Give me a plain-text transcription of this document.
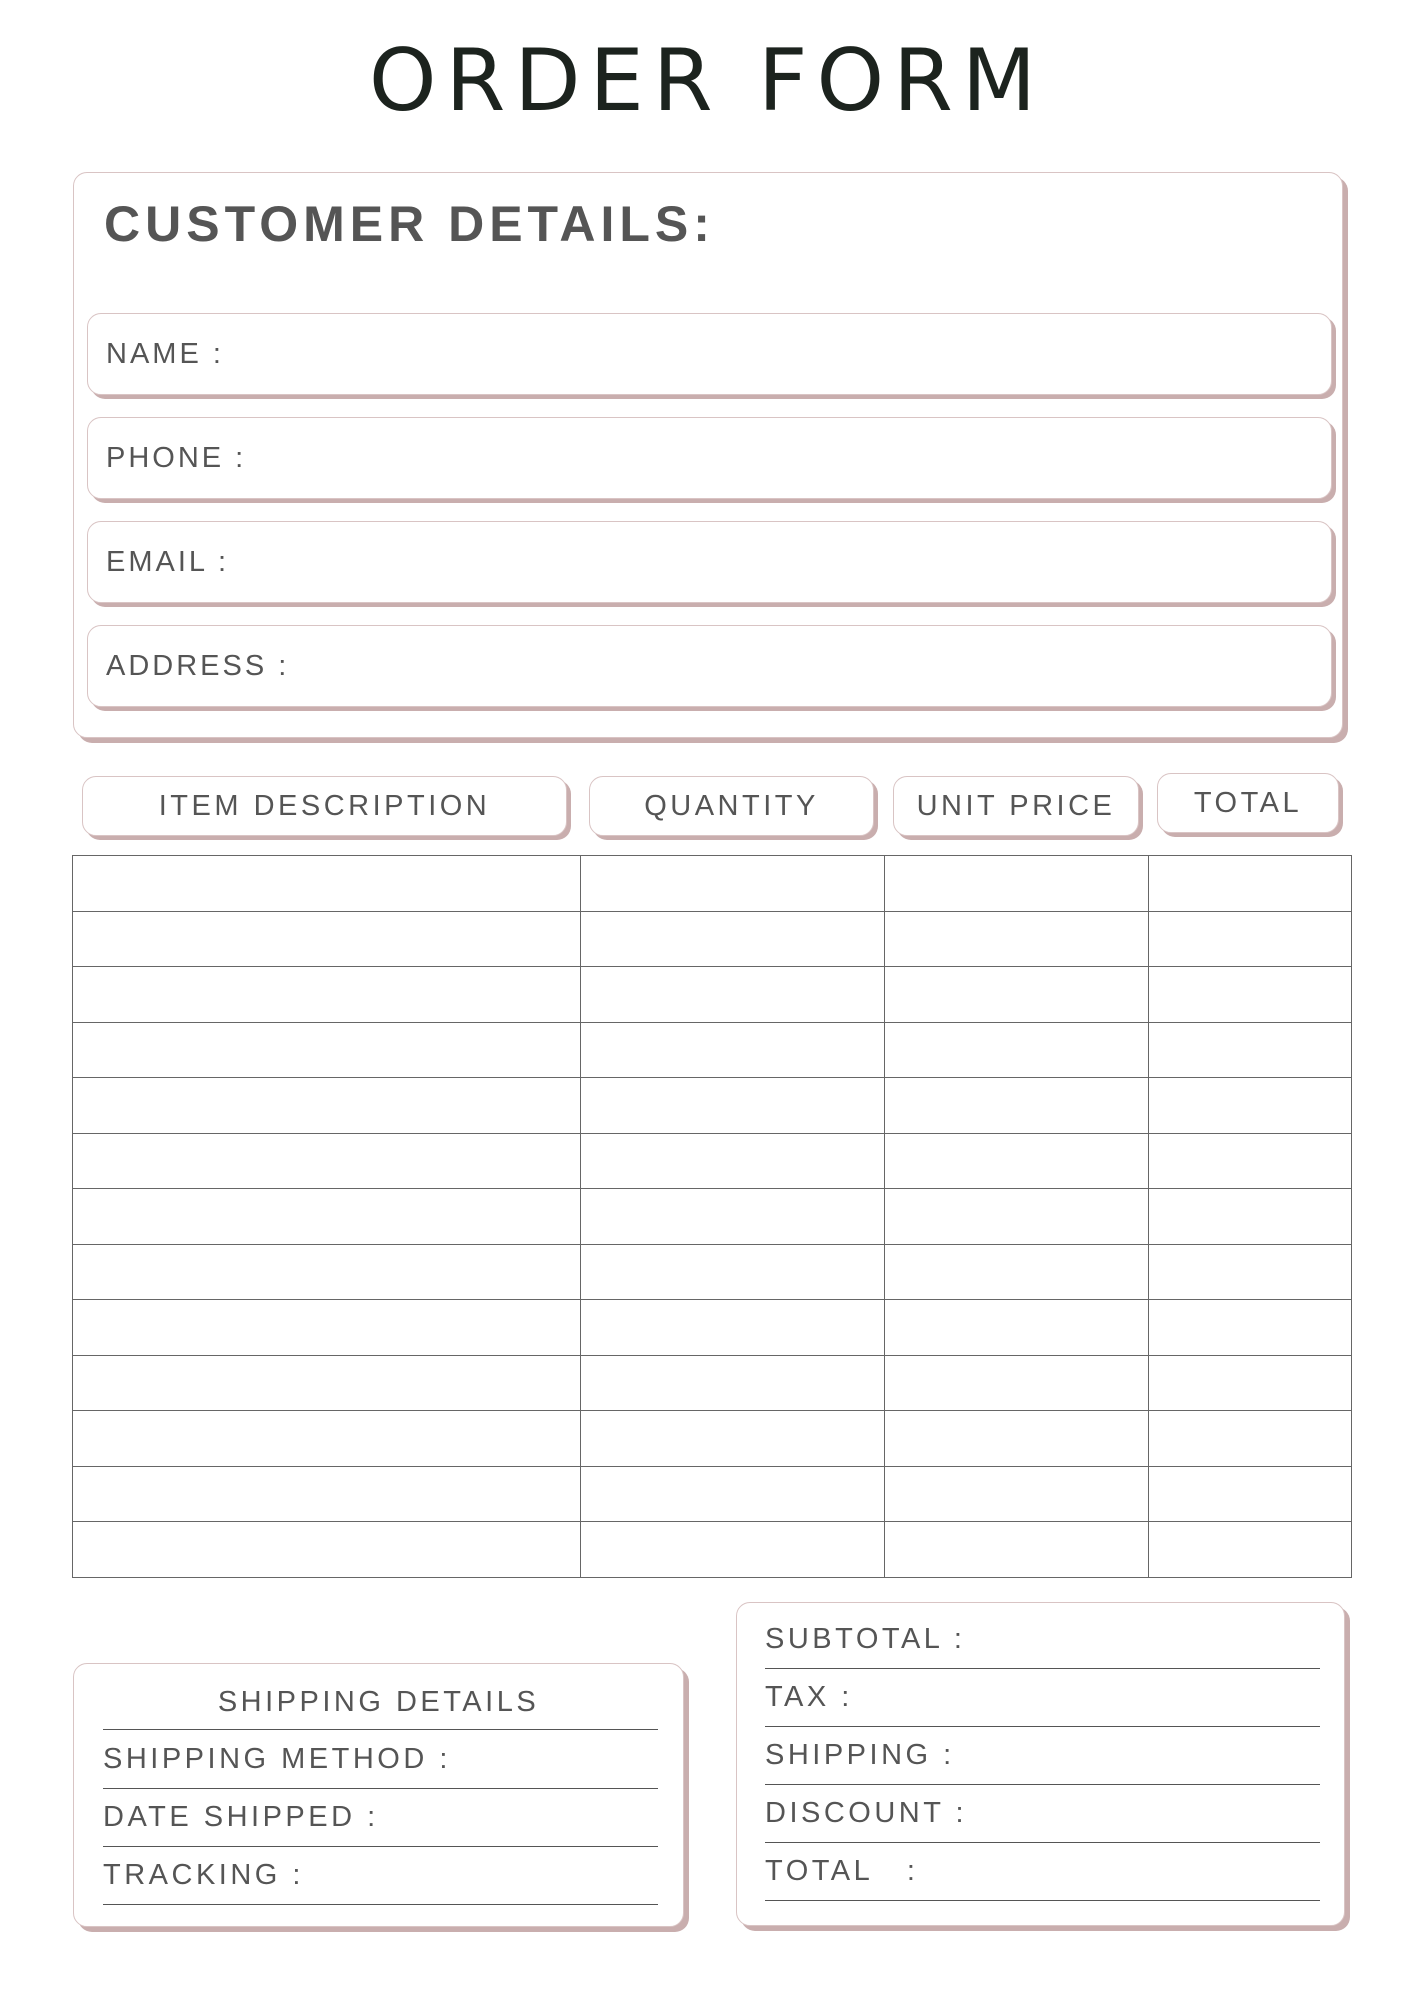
ORDER FORM
CUSTOMER DETAILS:
NAME :
PHONE :
EMAIL :
ADDRESS :
ITEM DESCRIPTION	QUANTITY	UNIT PRICE	TOTAL

SHIPPING DETAILS
SHIPPING METHOD :
DATE SHIPPED :
TRACKING :
SUBTOTAL :
TAX :
SHIPPING :
DISCOUNT :
TOTAL   :
